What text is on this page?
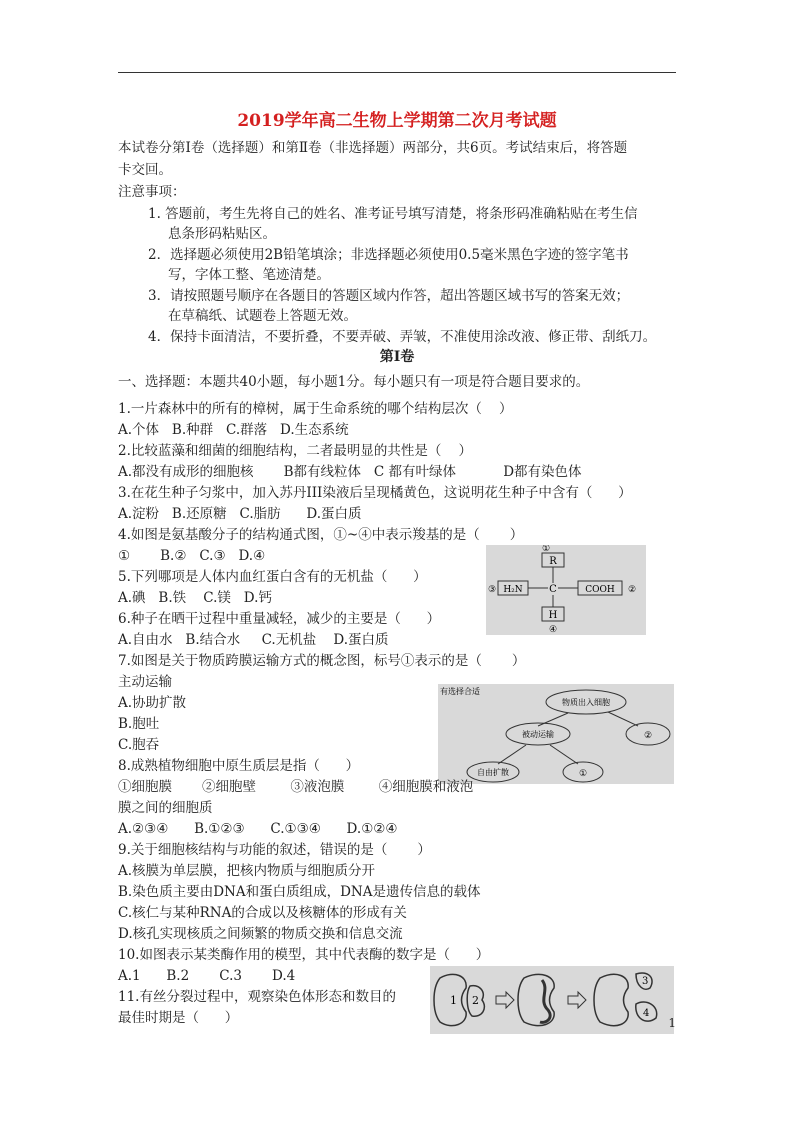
2019学年高二生物上学期第二次月考试题
本试卷分第Ⅰ卷（选择题）和第Ⅱ卷（非选择题）两部分，共6页。考试结束后，将答题
卡交回。
注意事项：
1. 答题前，考生先将自己的姓名、准考证号填写清楚，将条形码准确粘贴在考生信
息条形码粘贴区。
2．选择题必须使用2B铅笔填涂；非选择题必须使用0.5毫米黑色字迹的签字笔书
写，字体工整、笔迹清楚。
3．请按照题号顺序在各题目的答题区域内作答，超出答题区域书写的答案无效；
在草稿纸、试题卷上答题无效。
4．保持卡面清洁，不要折叠，不要弄破、弄皱，不准使用涂改液、修正带、刮纸刀。
第Ⅰ卷
一、选择题：本题共40小题，每小题1分。每小题只有一项是符合题目要求的。
R
①
H₂N
③	C	COOH ②
H
④
有选择合适
物质出入细胞
被动运输	②
自由扩散	①
1 2
3
4
1.一片森林中的所有的樟树，属于生命系统的哪个结构层次（    ）
A.个体   B.种群   C.群落   D.生态系统
2.比较蓝藻和细菌的细胞结构，二者最明显的共性是（    ）
A.都没有成形的细胞核       B都有线粒体   C 都有叶绿体           D都有染色体
3.在花生种子匀浆中，加入苏丹III染液后呈现橘黄色，这说明花生种子中含有（      ）
A.淀粉   B.还原糖   C.脂肪      D.蛋白质
4.如图是氨基酸分子的结构通式图，①~④中表示羧基的是（       ）
①       B.②   C.③   D.④
5.下列哪项是人体内血红蛋白含有的无机盐（      ）
A.碘   B.铁    C.镁   D.钙
6.种子在晒干过程中重量减轻，减少的主要是（      ）
A.自由水   B.结合水     C.无机盐    D.蛋白质
7.如图是关于物质跨膜运输方式的概念图，标号①表示的是（       ）
主动运输
A.协助扩散
B.胞吐
C.胞吞
8.成熟植物细胞中原生质层是指（      ）
①细胞膜       ②细胞壁        ③液泡膜        ④细胞膜和液泡
膜之间的细胞质
A.②③④      B.①②③      C.①③④      D.①②④
9.关于细胞核结构与功能的叙述，错误的是（       ）
A.核膜为单层膜，把核内物质与细胞质分开
B.染色质主要由DNA和蛋白质组成，DNA是遗传信息的载体
C.核仁与某种RNA的合成以及核糖体的形成有关
D.核孔实现核质之间频繁的物质交换和信息交流
10.如图表示某类酶作用的模型，其中代表酶的数字是（      ）
A.1      B.2       C.3       D.4
11.有丝分裂过程中，观察染色体形态和数目的
最佳时期是（      ）	1
